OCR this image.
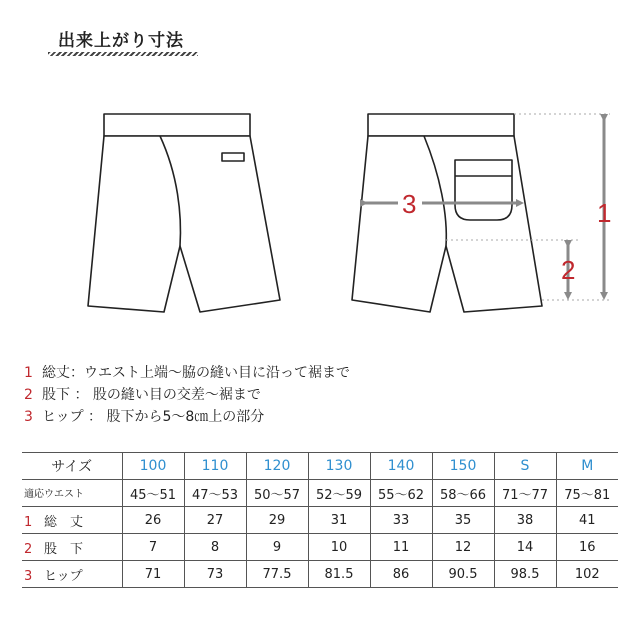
出来上がり寸法
1
2
3
1 総丈：ウエスト上端〜脇の縫い目に沿って裾まで
2 股下 ： 股の縫い目の交差〜裾まで
3 ヒップ ： 股下から5〜8㎝上の部分
サイズ	100	110	120	130	140	150	S	M
適応ウエスト	45〜51	47〜53	50〜57	52〜59	55〜62	58〜66	71〜77	75〜81
1 総　丈	26	27	29	31	33	35	38	41
2 股　下	7	8	9	10	11	12	14	16
3 ヒップ	71	73	77.5	81.5	86	90.5	98.5	102
